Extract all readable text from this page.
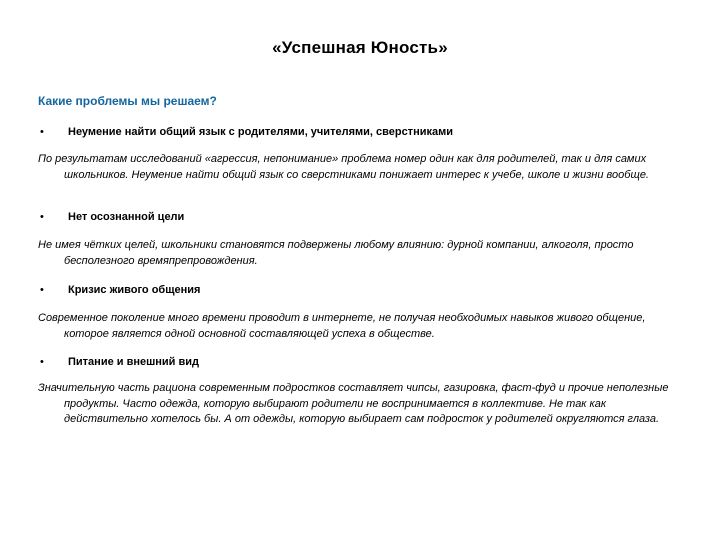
«Успешная Юность»
Какие проблемы мы решаем?
• Неумение найти общий язык с родителями, учителями, сверстниками
По результатам исследований «агрессия, непонимание» проблема номер один как для родителей, так и для самих школьников. Неумение найти общий язык со сверстниками понижает интерес к учебе, школе и жизни вообще.
• Нет осознанной цели
Не имея чётких целей, школьники становятся подвержены любому влиянию: дурной компании, алкоголя, просто бесполезного времяпрепровождения.
• Кризис живого общения
Современное поколение много времени проводит в интернете, не получая необходимых навыков живого общение, которое является одной основной составляющей успеха в обществе.
• Питание и внешний вид
Значительную часть рациона современным подростков составляет чипсы, газировка, фаст-фуд и прочие неполезные продукты. Часто одежда, которую выбирают родители не воспринимается в коллективе. Не так как действительно хотелось бы. А от одежды, которую выбирает сам подросток у родителей округляются глаза.
